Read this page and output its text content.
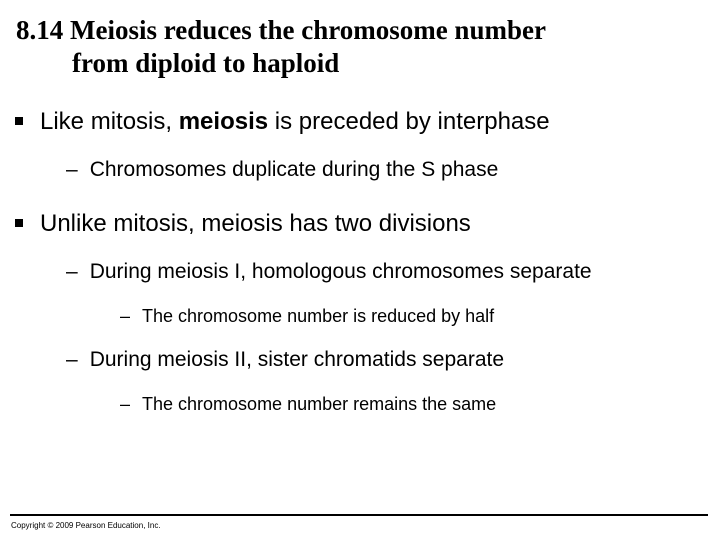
8.14 Meiosis reduces the chromosome number
from diploid to haploid
Like mitosis, meiosis is preceded by interphase
– Chromosomes duplicate during the S phase
Unlike mitosis, meiosis has two divisions
– During meiosis I, homologous chromosomes separate
– The chromosome number is reduced by half
– During meiosis II, sister chromatids separate
– The chromosome number remains the same
Copyright © 2009 Pearson Education, Inc.
